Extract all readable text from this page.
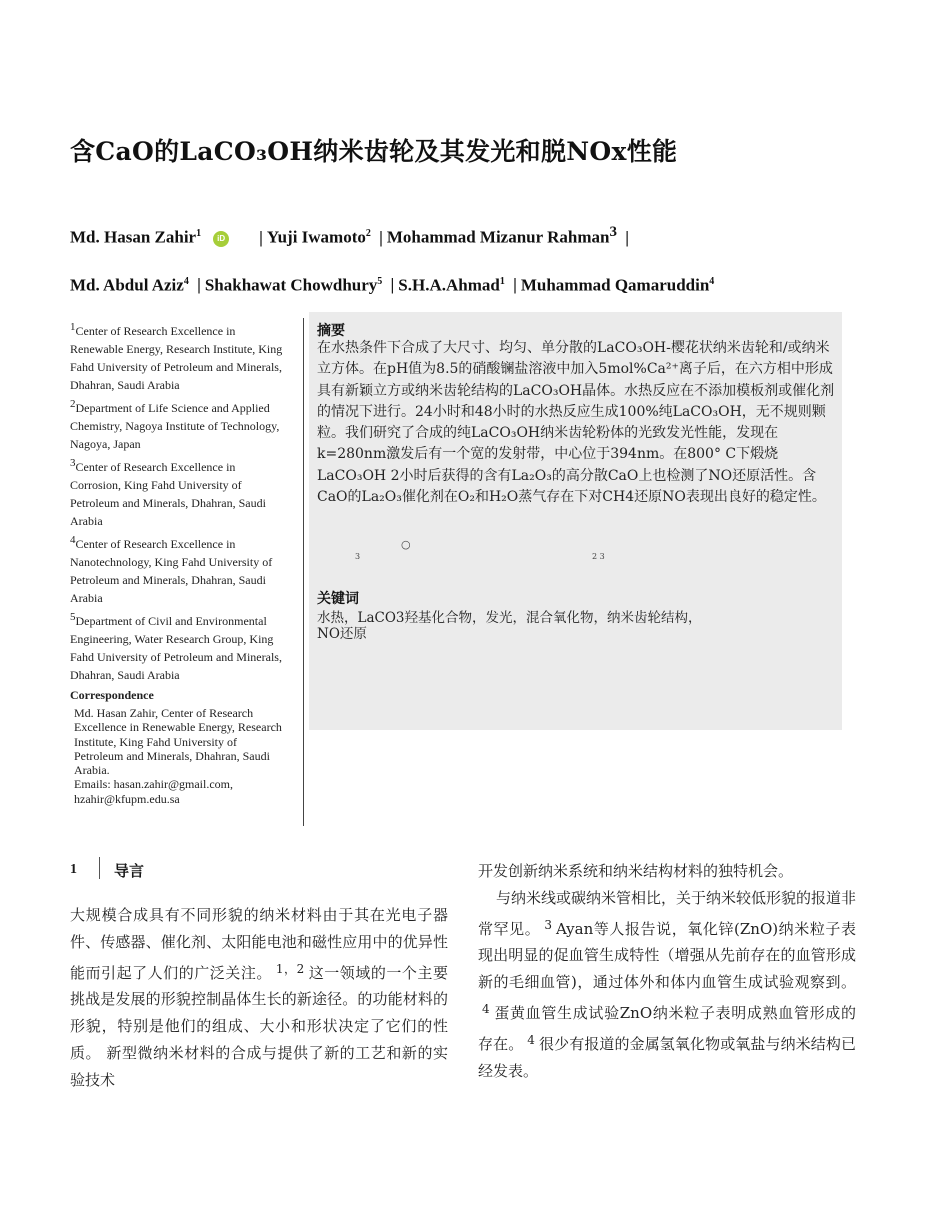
含CaO的LaCO₃OH纳米齿轮及其发光和脱NOx性能
Md. Hasan Zahir$^1$ iD | Yuji Iwamoto$^2$ | Mohammad Mizanur Rahman$^3$ |
Md. Abdul Aziz$^4$ | Shakhawat Chowdhury$^5$ | S.H.A.Ahmad$^1$ | Muhammad Qamaruddin$^4$
$^1$Center of Research Excellence in Renewable Energy, Research Institute, King Fahd University of Petroleum and Minerals, Dhahran, Saudi Arabia
$^2$Department of Life Science and Applied Chemistry, Nagoya Institute of Technology, Nagoya, Japan
$^3$Center of Research Excellence in Corrosion, King Fahd University of Petroleum and Minerals, Dhahran, Saudi Arabia
$^4$Center of Research Excellence in Nanotechnology, King Fahd University of Petroleum and Minerals, Dhahran, Saudi Arabia
$^5$Department of Civil and Environmental Engineering, Water Research Group, King Fahd University of Petroleum and Minerals, Dhahran, Saudi Arabia
Correspondence
Md. Hasan Zahir, Center of Research Excellence in Renewable Energy, Research Institute, King Fahd University of Petroleum and Minerals, Dhahran, Saudi Arabia.
Emails: hasan.zahir@gmail.com, hzahir@kfupm.edu.sa
摘要
在水热条件下合成了大尺寸、均匀、单分散的LaCO₃OH-樱花状纳米齿轮和/或纳米立方体。在pH值为8.5的硝酸镧盐溶液中加入5mol%Ca²⁺离子后，在六方相中形成具有新颖立方或纳米齿轮结构的LaCO₃OH晶体。水热反应在不添加模板剂或催化剂的情况下进行。24小时和48小时的水热反应生成100%纯LaCO₃OH，无不规则颗粒。我们研究了合成的纯LaCO₃OH纳米齿轮粉体的光致发光性能，发现在k=280nm激发后有一个宽的发射带，中心位于394nm。在800° C下煅烧LaCO₃OH 2小时后获得的含有La₂O₃的高分散CaO上也检测了NO还原活性。含CaO的La₂O₃催化剂在O₂和H₂O蒸气存在下对CH4还原NO表现出良好的稳定性。
○
3	2 3
关键词
水热，LaCO3羟基化合物，发光，混合氧化物，纳米齿轮结构，NO还原
1 导言

大规模合成具有不同形貌的纳米材料由于其在光电子器件、传感器、催化剂、太阳能电池和磁性应用中的优异性能而引起了人们的广泛关注。 $^{1,2}$ 这一领域的一个主要挑战是发展的形貌控制晶体生长的新途径。的功能材料的形貌，特别是他们的组成、大小和形状决定了它们的性质。 新型微纳米材料的合成与提供了新的工艺和新的实验技术

开发创新纳米系统和纳米结构材料的独特机会。

与纳米线或碳纳米管相比，关于纳米较低形貌的报道非常罕见。 $^3$ Ayan等人报告说，氧化锌(ZnO)纳米粒子表现出明显的促血管生成特性（增强从先前存在的血管形成新的毛细血管)，通过体外和体内血管生成试验观察到。$^4$ 蛋黄血管生成试验ZnO纳米粒子表明成熟血管形成的存在。 $^4$ 很少有报道的金属氢氧化物或氧盐与纳米结构已经发表。
